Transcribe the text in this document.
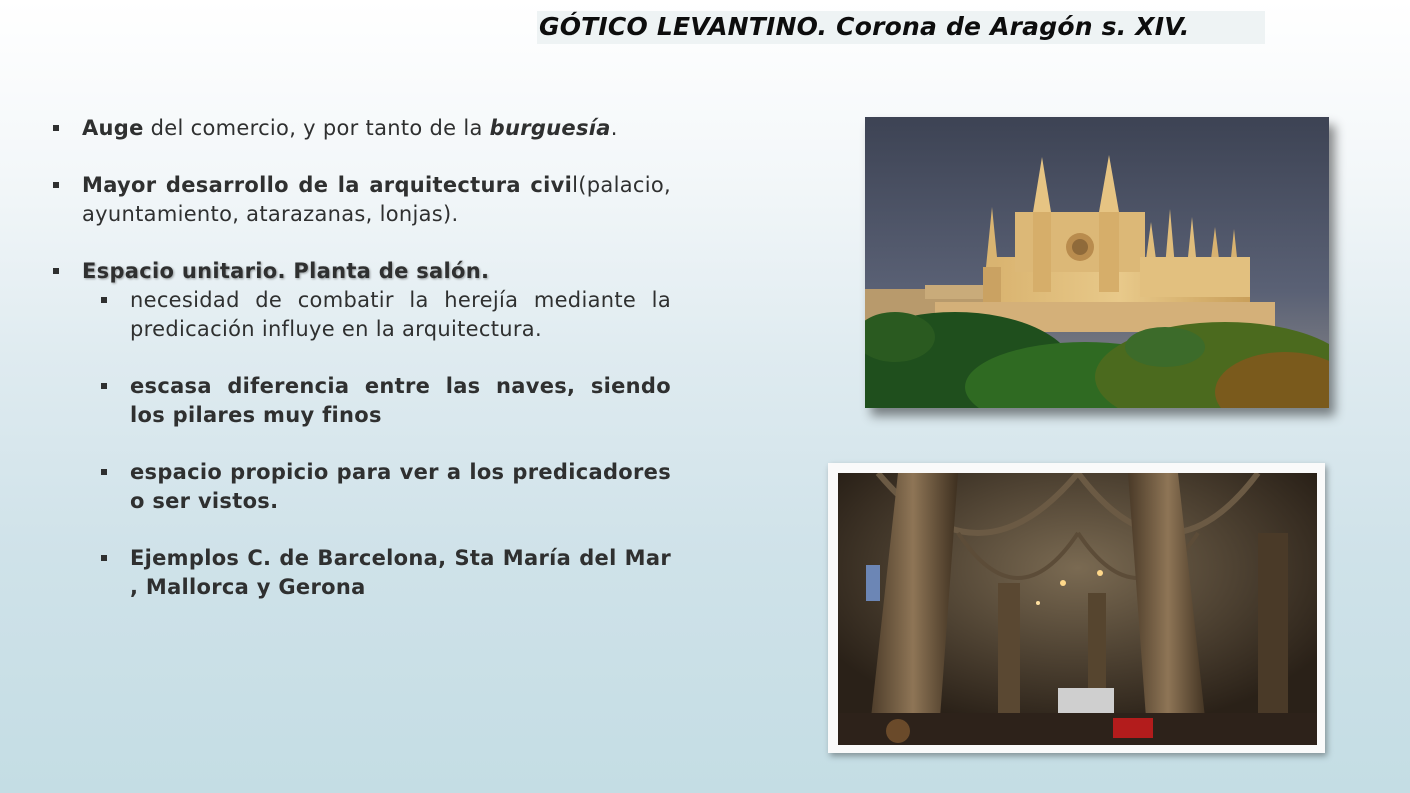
GÓTICO LEVANTINO. Corona de Aragón s. XIV.
Auge del comercio, y por tanto de la burguesía.
Mayor desarrollo de la arquitectura civil(palacio, ayuntamiento, atarazanas, lonjas).
Espacio unitario. Planta de salón.
necesidad de combatir la herejía mediante la predicación influye en la arquitectura.
escasa diferencia entre las naves, siendo los pilares muy finos
espacio propicio para ver a los predicadores o ser vistos.
Ejemplos C. de Barcelona, Sta María del Mar , Mallorca y Gerona
